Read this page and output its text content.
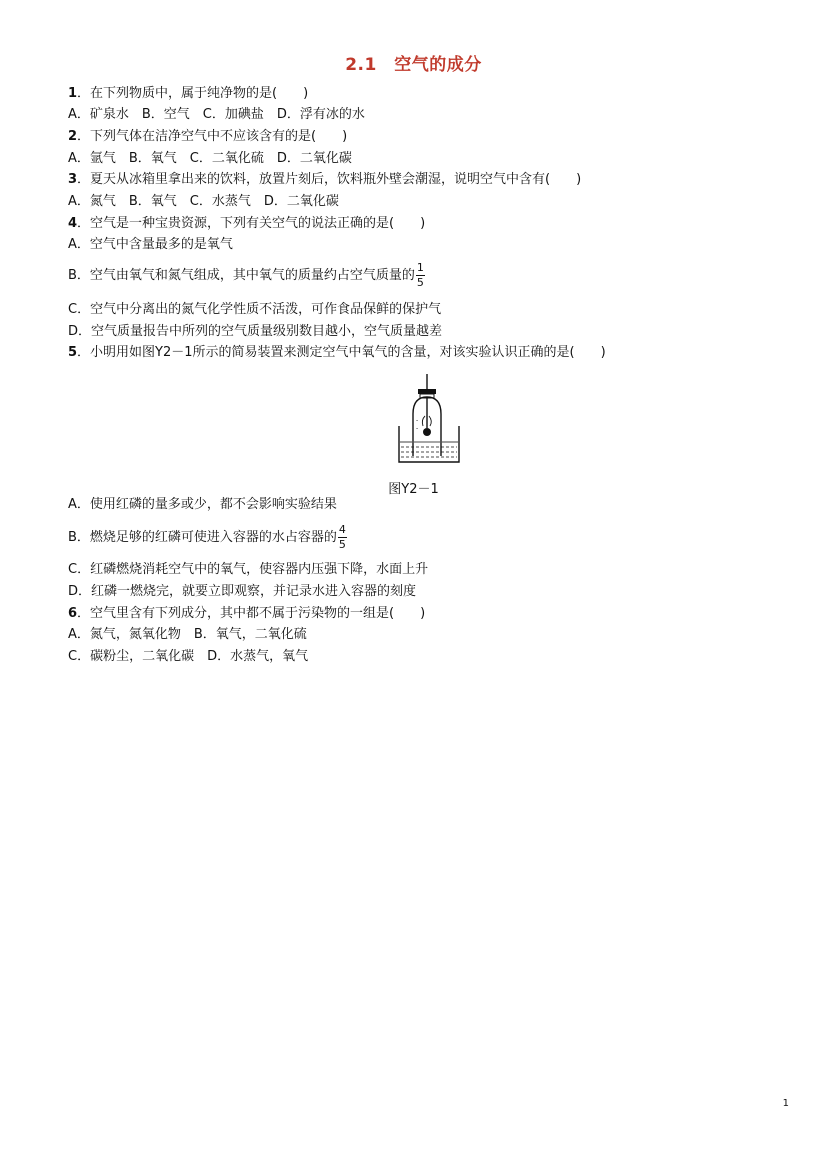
2.1　空气的成分
1．在下列物质中，属于纯净物的是(　　)
A．矿泉水　B．空气　C．加碘盐　D．浮有冰的水
2．下列气体在洁净空气中不应该含有的是(　　)
A．氩气　B．氧气　C．二氧化硫　D．二氧化碳
3．夏天从冰箱里拿出来的饮料，放置片刻后，饮料瓶外壁会潮湿，说明空气中含有(　　)
A．氮气　B．氧气　C．水蒸气　D．二氧化碳
4．空气是一种宝贵资源，下列有关空气的说法正确的是(　　)
A．空气中含量最多的是氧气
B．空气由氧气和氮气组成，其中氧气的质量约占空气质量的 $\frac{1}{5}$
C．空气中分离出的氮气化学性质不活泼，可作食品保鲜的保护气
D．空气质量报告中所列的空气质量级别数目越小，空气质量越差
5．小明用如图Y2－1所示的简易装置来测定空气中氧气的含量，对该实验认识正确的是(　　)
-
-
图Y2－1
A．使用红磷的量多或少，都不会影响实验结果
B．燃烧足够的红磷可使进入容器的水占容器的 $\frac{4}{5}$
C．红磷燃烧消耗空气中的氧气，使容器内压强下降，水面上升
D．红磷一燃烧完，就要立即观察，并记录水进入容器的刻度
6．空气里含有下列成分，其中都不属于污染物的一组是(　　)
A．氮气，氮氧化物　B．氧气，二氧化硫
C．碳粉尘，二氧化碳　D．水蒸气，氧气
1
